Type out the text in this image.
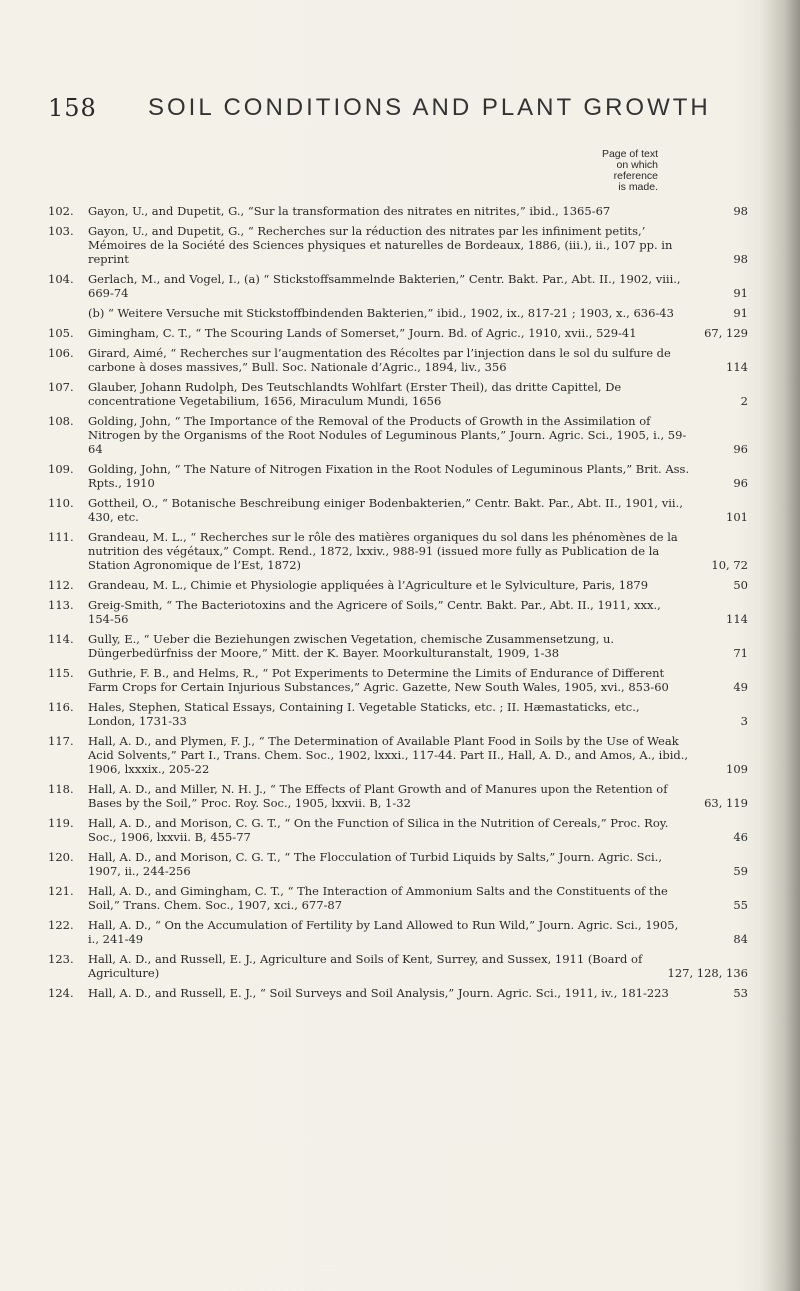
158 SOIL CONDITIONS AND PLANT GROWTH
Page of text
on which
reference
is made.
102.	Gayon, U., and Dupetit, G., “Sur la transformation des nitrates en nitrites,” ibid., 1365-67	98
103.	Gayon, U., and Dupetit, G., “ Recherches sur la réduction des nitrates par les infiniment petits,’ Mémoires de la Société des Sciences physiques et naturelles de Bordeaux, 1886, (iii.), ii., 107 pp. in reprint	98
104.	Gerlach, M., and Vogel, I., (a) “ Stickstoffsammelnde Bakterien,” Centr. Bakt. Par., Abt. II., 1902, viii., 669-74	91
(b) “ Weitere Versuche mit Stickstoffbindenden Bakterien,” ibid., 1902, ix., 817-21 ; 1903, x., 636-43	91
105.	Gimingham, C. T., “ The Scouring Lands of Somerset,” Journ. Bd. of Agric., 1910, xvii., 529-41	67, 129
106.	Girard, Aimé, “ Recherches sur l’augmentation des Récoltes par l’injection dans le sol du sulfure de carbone à doses massives,” Bull. Soc. Nationale d’Agric., 1894, liv., 356	114
107.	Glauber, Johann Rudolph, Des Teutschlandts Wohlfart (Erster Theil), das dritte Capittel, De concentratione Vegetabilium, 1656, Miraculum Mundi, 1656	2
108.	Golding, John, “ The Importance of the Removal of the Products of Growth in the Assimilation of Nitrogen by the Organisms of the Root Nodules of Leguminous Plants,” Journ. Agric. Sci., 1905, i., 59-64	96
109.	Golding, John, “ The Nature of Nitrogen Fixation in the Root Nodules of Leguminous Plants,” Brit. Ass. Rpts., 1910	96
110.	Gottheil, O., “ Botanische Beschreibung einiger Bodenbakterien,” Centr. Bakt. Par., Abt. II., 1901, vii., 430, etc.	101
111.	Grandeau, M. L., “ Recherches sur le rôle des matières organiques du sol dans les phénomènes de la nutrition des végétaux,” Compt. Rend., 1872, lxxiv., 988-91 (issued more fully as Publication de la Station Agronomique de l’Est, 1872)	10, 72
112.	Grandeau, M. L., Chimie et Physiologie appliquées à l’Agriculture et le Sylviculture, Paris, 1879	50
113.	Greig-Smith, “ The Bacteriotoxins and the Agricere of Soils,” Centr. Bakt. Par., Abt. II., 1911, xxx., 154-56	114
114.	Gully, E., “ Ueber die Beziehungen zwischen Vegetation, chemische Zusammensetzung, u. Düngerbedürfniss der Moore,” Mitt. der K. Bayer. Moorkulturanstalt, 1909, 1-38	71
115.	Guthrie, F. B., and Helms, R., “ Pot Experiments to Determine the Limits of Endurance of Different Farm Crops for Certain Injurious Substances,” Agric. Gazette, New South Wales, 1905, xvi., 853-60	49
116.	Hales, Stephen, Statical Essays, Containing I. Vegetable Staticks, etc. ; II. Hæmastaticks, etc., London, 1731-33	3
117.	Hall, A. D., and Plymen, F. J., “ The Determination of Available Plant Food in Soils by the Use of Weak Acid Solvents,” Part I., Trans. Chem. Soc., 1902, lxxxi., 117-44. Part II., Hall, A. D., and Amos, A., ibid., 1906, lxxxix., 205-22	109
118.	Hall, A. D., and Miller, N. H. J., “ The Effects of Plant Growth and of Manures upon the Retention of Bases by the Soil,” Proc. Roy. Soc., 1905, lxxvii. B, 1-32	63, 119
119.	Hall, A. D., and Morison, C. G. T., “ On the Function of Silica in the Nutrition of Cereals,” Proc. Roy. Soc., 1906, lxxvii. B, 455-77	46
120.	Hall, A. D., and Morison, C. G. T., “ The Flocculation of Turbid Liquids by Salts,” Journ. Agric. Sci., 1907, ii., 244-256	59
121.	Hall, A. D., and Gimingham, C. T., “ The Interaction of Ammonium Salts and the Constituents of the Soil,” Trans. Chem. Soc., 1907, xci., 677-87	55
122.	Hall, A. D., “ On the Accumulation of Fertility by Land Allowed to Run Wild,” Journ. Agric. Sci., 1905, i., 241-49	84
123.	Hall, A. D., and Russell, E. J., Agriculture and Soils of Kent, Surrey, and Sussex, 1911 (Board of Agriculture)	127, 128, 136
124.	Hall, A. D., and Russell, E. J., “ Soil Surveys and Soil Analysis,” Journ. Agric. Sci., 1911, iv., 181-223	53
